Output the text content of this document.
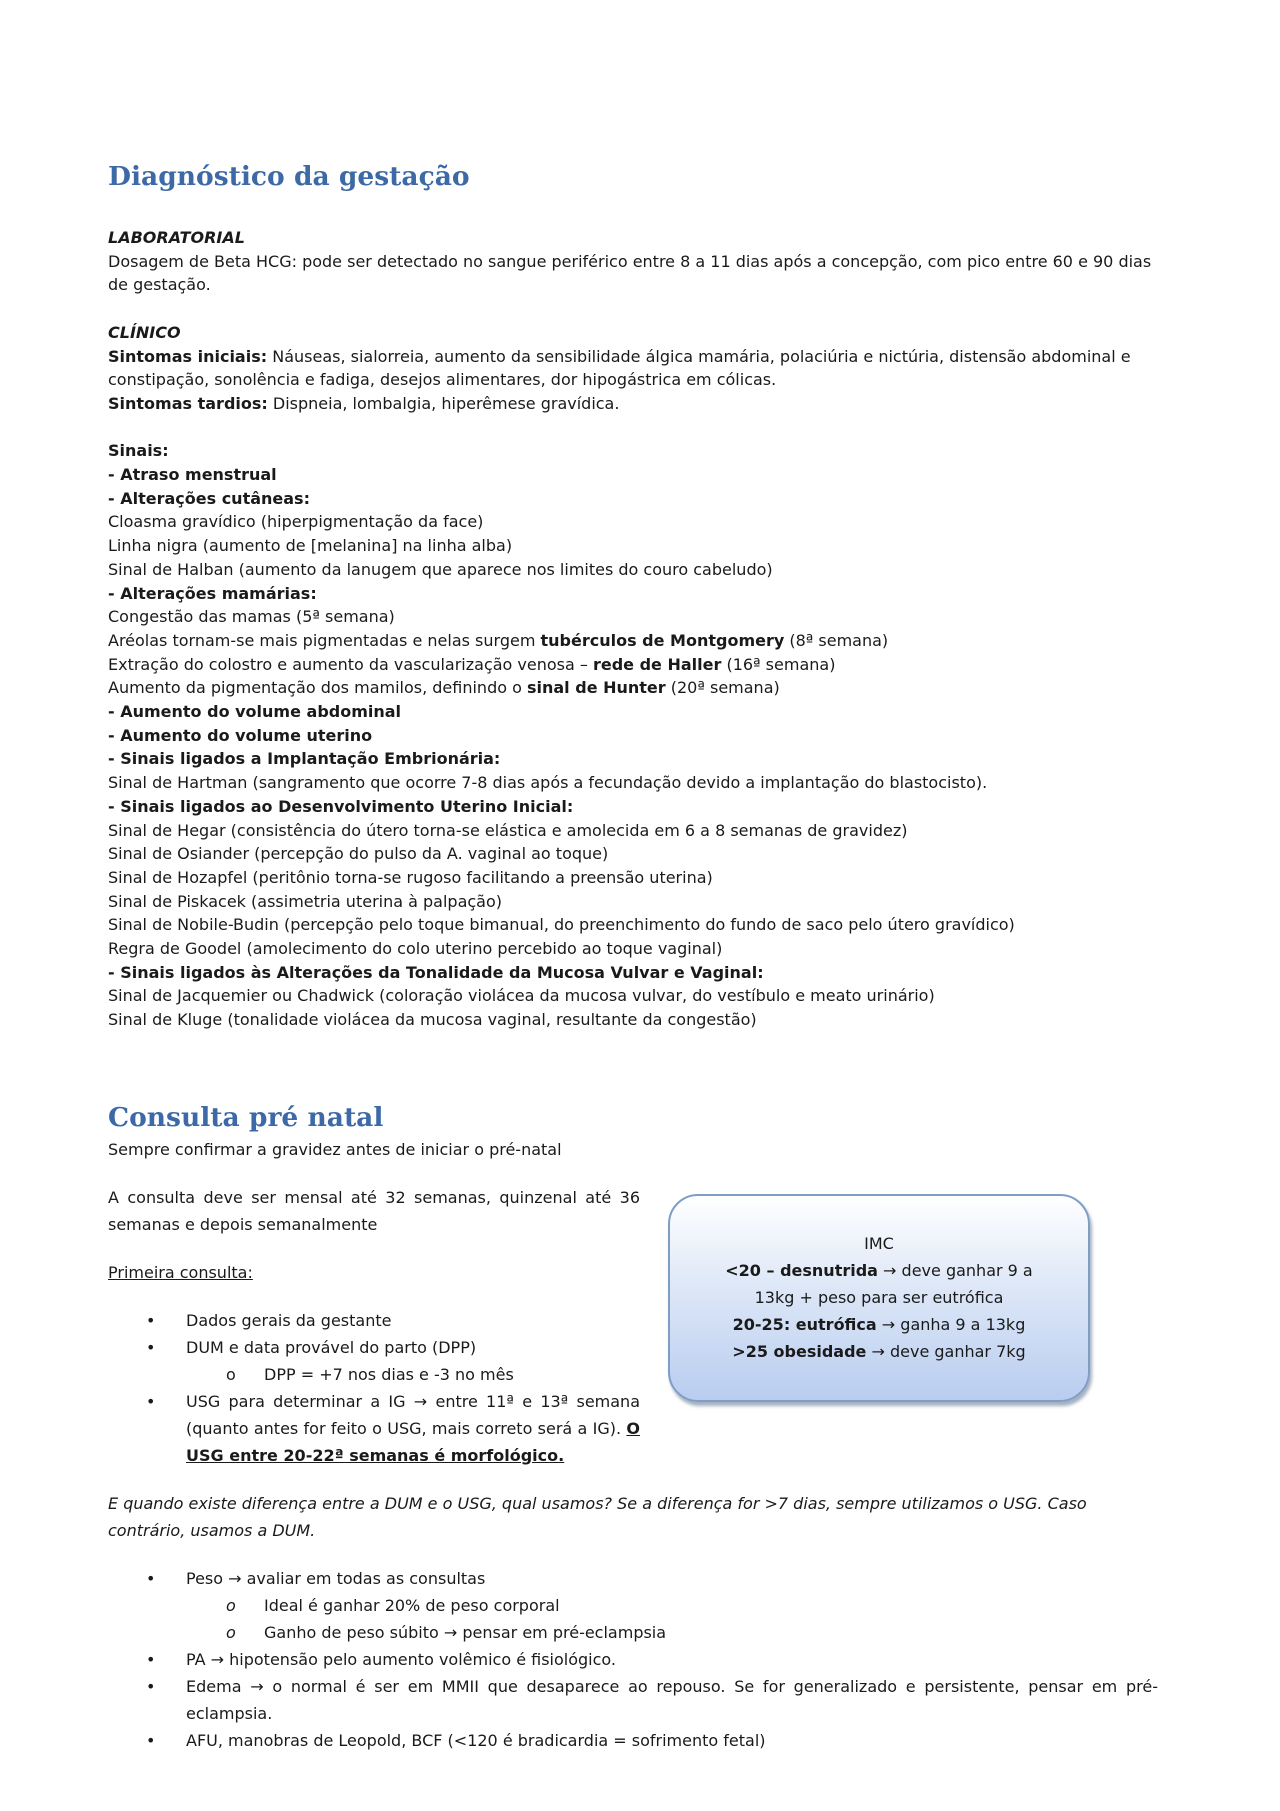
Diagnóstico da gestação

LABORATORIAL

Dosagem de Beta HCG: pode ser detectado no sangue periférico entre 8 a 11 dias após a concepção, com pico entre 60 e 90 dias de gestação.

CLÍNICO

Sintomas iniciais: Náuseas, sialorreia, aumento da sensibilidade álgica mamária, polaciúria e nictúria, distensão abdominal e constipação, sonolência e fadiga, desejos alimentares, dor hipogástrica em cólicas.

Sintomas tardios: Dispneia, lombalgia, hiperêmese gravídica.

Sinais:

- Atraso menstrual

- Alterações cutâneas:

Cloasma gravídico (hiperpigmentação da face)

Linha nigra (aumento de [melanina] na linha alba)

Sinal de Halban (aumento da lanugem que aparece nos limites do couro cabeludo)

- Alterações mamárias:

Congestão das mamas (5ª semana)

Aréolas tornam-se mais pigmentadas e nelas surgem tubérculos de Montgomery (8ª semana)

Extração do colostro e aumento da vascularização venosa – rede de Haller (16ª semana)

Aumento da pigmentação dos mamilos, definindo o sinal de Hunter (20ª semana)

- Aumento do volume abdominal

- Aumento do volume uterino

- Sinais ligados a Implantação Embrionária:

Sinal de Hartman (sangramento que ocorre 7-8 dias após a fecundação devido a implantação do blastocisto).

- Sinais ligados ao Desenvolvimento Uterino Inicial:

Sinal de Hegar (consistência do útero torna-se elástica e amolecida em 6 a 8 semanas de gravidez)

Sinal de Osiander (percepção do pulso da A. vaginal ao toque)

Sinal de Hozapfel (peritônio torna-se rugoso facilitando a preensão uterina)

Sinal de Piskacek (assimetria uterina à palpação)

Sinal de Nobile-Budin (percepção pelo toque bimanual, do preenchimento do fundo de saco pelo útero gravídico)

Regra de Goodel (amolecimento do colo uterino percebido ao toque vaginal)

- Sinais ligados às Alterações da Tonalidade da Mucosa Vulvar e Vaginal:

Sinal de Jacquemier ou Chadwick (coloração violácea da mucosa vulvar, do vestíbulo e meato urinário)

Sinal de Kluge (tonalidade violácea da mucosa vaginal, resultante da congestão)

Consulta pré natal

Sempre confirmar a gravidez antes de iniciar o pré-natal

A consulta deve ser mensal até 32 semanas, quinzenal até 36 semanas e depois semanalmente

Primeira consulta:

• Dados gerais da gestante
• DUM e data provável do parto (DPP)
o DPP = +7 nos dias e -3 no mês
• USG para determinar a IG → entre 11ª e 13ª semana (quanto antes for feito o USG, mais correto será a IG). O USG entre 20-22ª semanas é morfológico.

E quando existe diferença entre a DUM e o USG, qual usamos? Se a diferença for >7 dias, sempre utilizamos o USG. Caso contrário, usamos a DUM.

• Peso → avaliar em todas as consultas
o Ideal é ganhar 20% de peso corporal
o Ganho de peso súbito → pensar em pré-eclampsia
• PA → hipotensão pelo aumento volêmico é fisiológico.
• Edema → o normal é ser em MMII que desaparece ao repouso. Se for generalizado e persistente, pensar em pré-eclampsia.
• AFU, manobras de Leopold, BCF (<120 é bradicardia = sofrimento fetal)
IMC
<20 – desnutrida → deve ganhar 9 a 13kg + peso para ser eutrófica
20-25: eutrófica → ganha 9 a 13kg
>25 obesidade → deve ganhar 7kg
